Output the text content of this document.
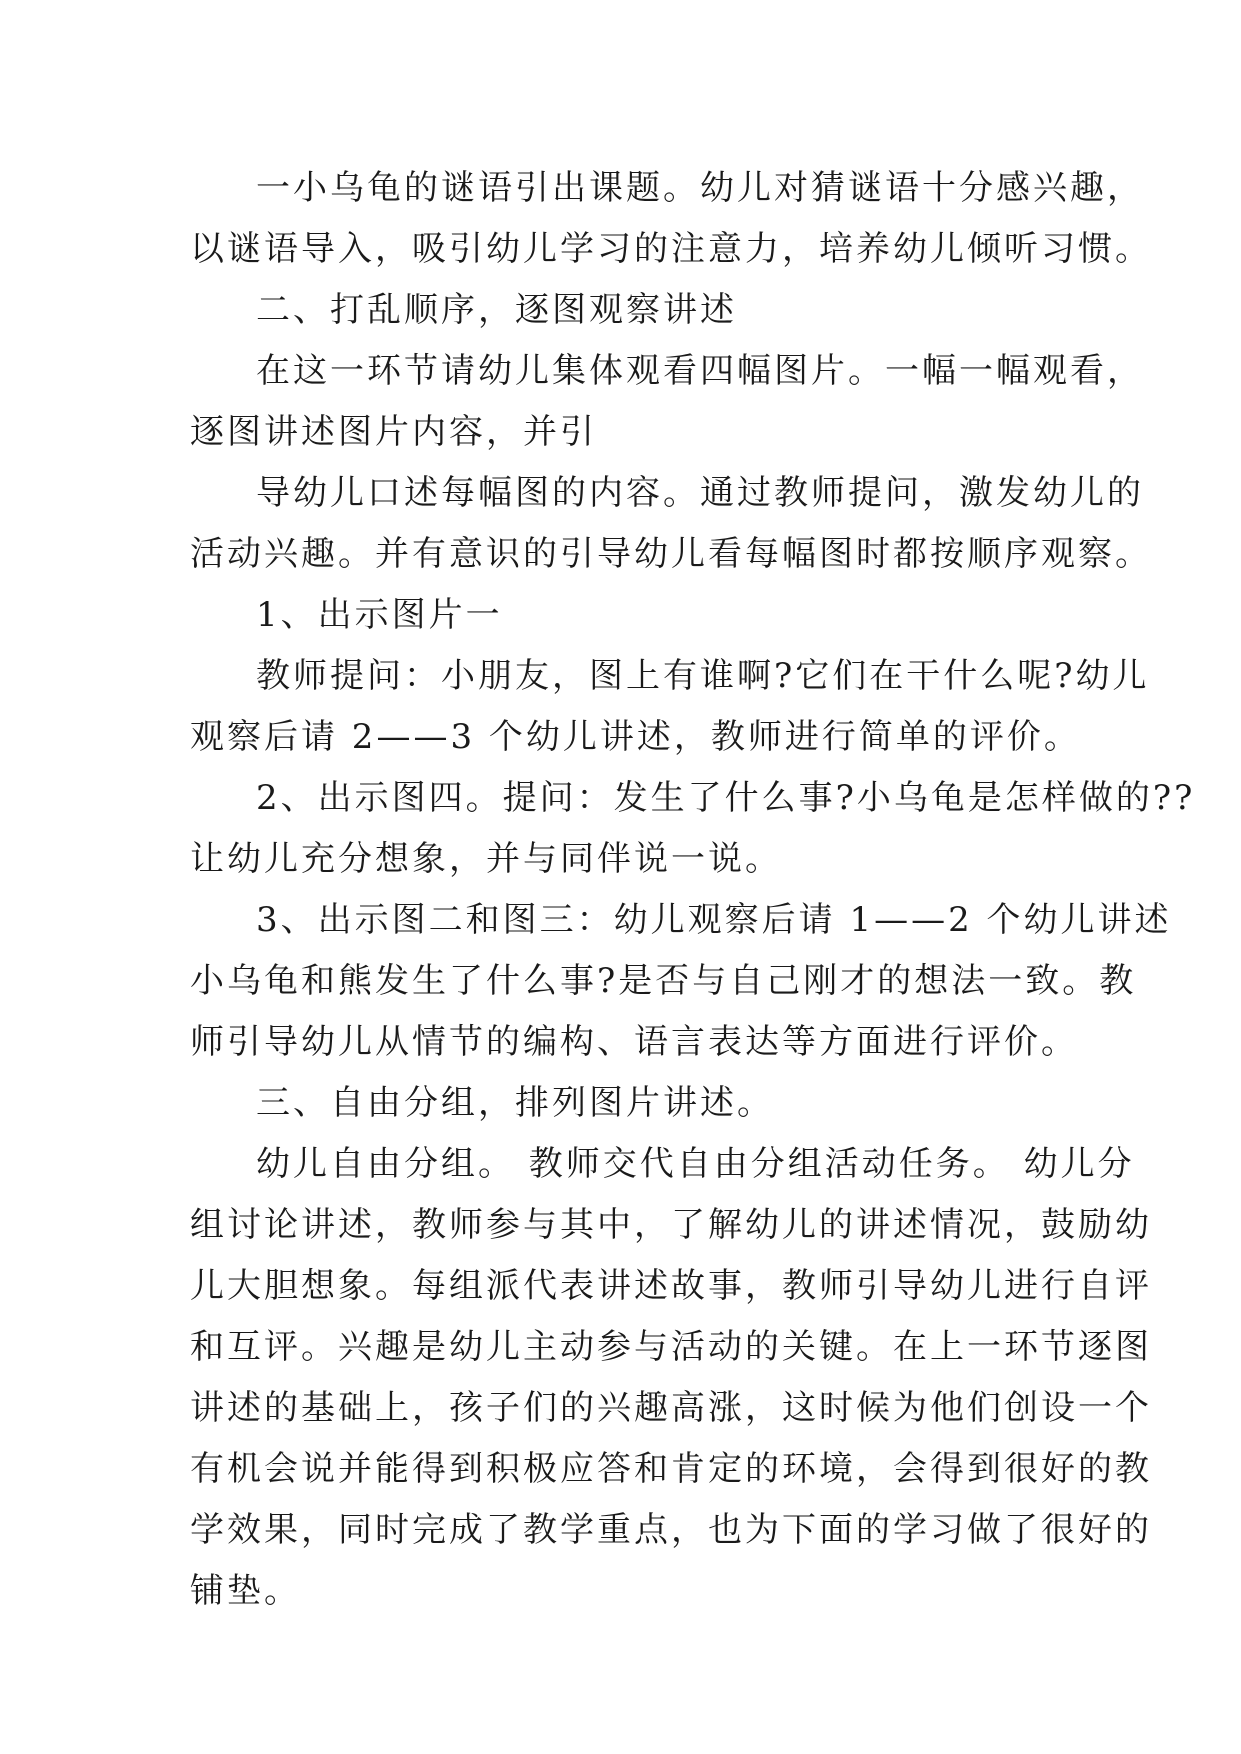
一小乌龟的谜语引出课题。幼儿对猜谜语十分感兴趣，
以谜语导入，吸引幼儿学习的注意力，培养幼儿倾听习惯。
二、打乱顺序，逐图观察讲述
在这一环节请幼儿集体观看四幅图片。一幅一幅观看，
逐图讲述图片内容，并引
导幼儿口述每幅图的内容。通过教师提问，激发幼儿的
活动兴趣。并有意识的引导幼儿看每幅图时都按顺序观察。
1、出示图片一
教师提问：小朋友，图上有谁啊?它们在干什么呢?幼儿
观察后请 2——3 个幼儿讲述，教师进行简单的评价。
2、出示图四。提问：发生了什么事?小乌龟是怎样做的??
让幼儿充分想象，并与同伴说一说。
3、出示图二和图三：幼儿观察后请 1——2 个幼儿讲述
小乌龟和熊发生了什么事?是否与自己刚才的想法一致。教
师引导幼儿从情节的编构、语言表达等方面进行评价。
三、自由分组，排列图片讲述。
幼儿自由分组。 教师交代自由分组活动任务。 幼儿分
组讨论讲述，教师参与其中，了解幼儿的讲述情况，鼓励幼
儿大胆想象。每组派代表讲述故事，教师引导幼儿进行自评
和互评。兴趣是幼儿主动参与活动的关键。在上一环节逐图
讲述的基础上，孩子们的兴趣高涨，这时候为他们创设一个
有机会说并能得到积极应答和肯定的环境，会得到很好的教
学效果，同时完成了教学重点，也为下面的学习做了很好的
铺垫。
